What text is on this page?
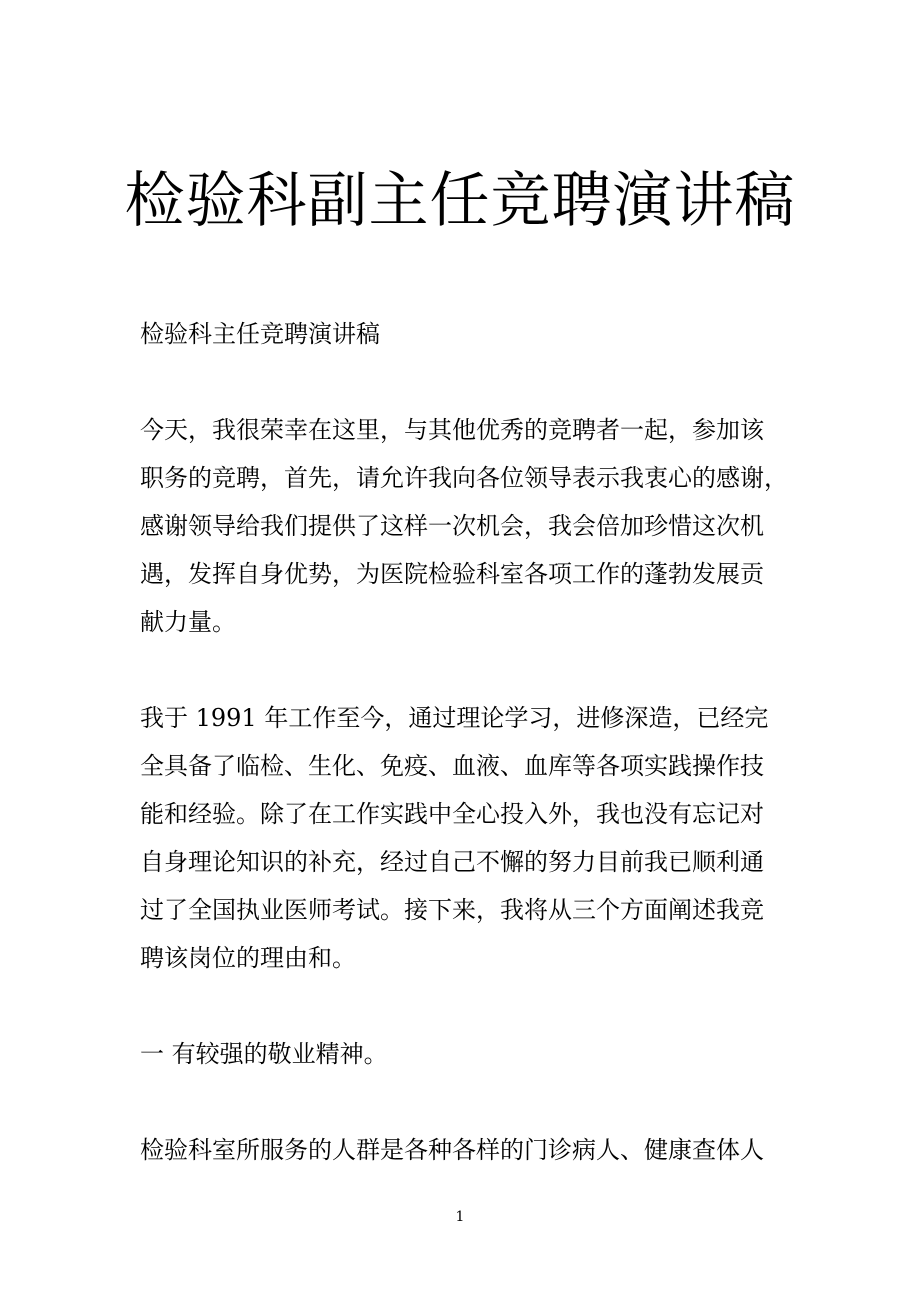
检验科副主任竞聘演讲稿
检验科主任竞聘演讲稿
今天，我很荣幸在这里，与其他优秀的竞聘者一起，参加该
职务的竞聘，首先，请允许我向各位领导表示我衷心的感谢，
感谢领导给我们提供了这样一次机会，我会倍加珍惜这次机
遇，发挥自身优势，为医院检验科室各项工作的蓬勃发展贡
献力量。
我于 1991 年工作至今，通过理论学习，进修深造，已经完
全具备了临检、生化、免疫、血液、血库等各项实践操作技
能和经验。除了在工作实践中全心投入外，我也没有忘记对
自身理论知识的补充，经过自己不懈的努力目前我已顺利通
过了全国执业医师考试。接下来，我将从三个方面阐述我竞
聘该岗位的理由和。
一 有较强的敬业精神。
检验科室所服务的人群是各种各样的门诊病人、健康查体人
1
